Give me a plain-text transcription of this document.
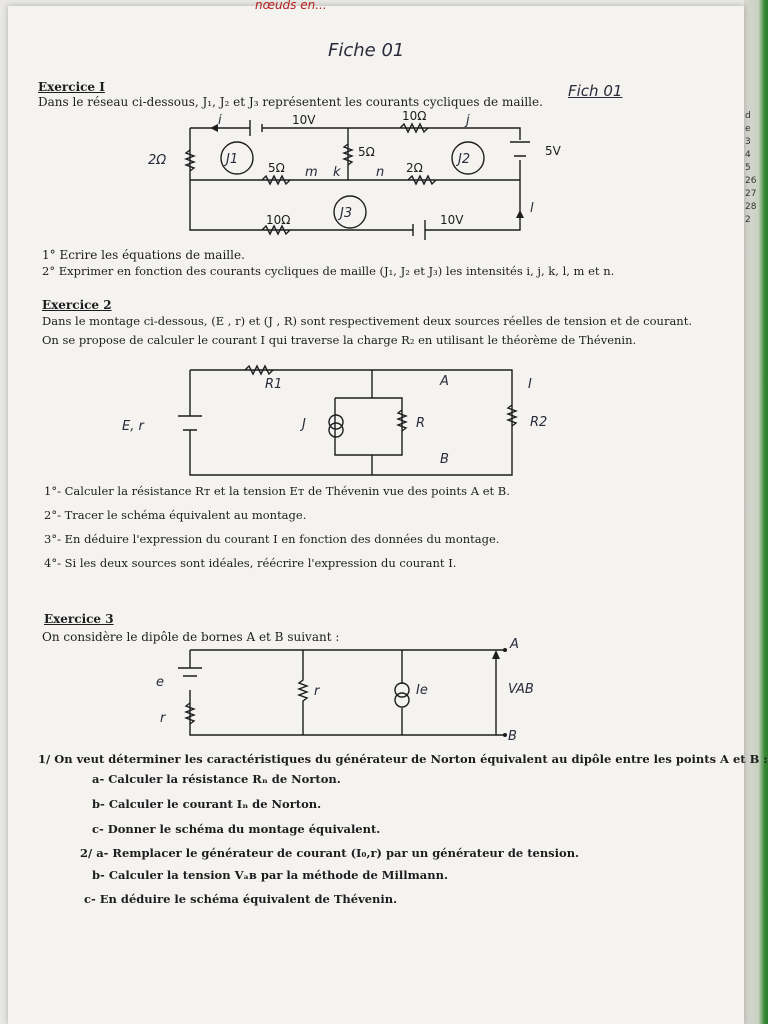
nœuds en...
Fiche 01
Fich 01
Exercice I
Dans le réseau ci-dessous, J₁, J₂ et J₃ représentent les courants cycliques de maille.
2Ω
10V	10Ω
i	j
5V
5Ω m k
5Ω
n 2Ω
10Ω	10V
l
J1	J2
J3
1° Ecrire les équations de maille.
2° Exprimer en fonction des courants cycliques de maille (J₁, J₂ et J₃) les intensités i, j, k, l, m et n.
Exercice 2
Dans le montage ci-dessous, (E , r) et (J , R) sont respectivement deux sources réelles de tension et de courant.
On se propose de calculer le courant I qui traverse la charge R₂ en utilisant le théorème de Thévenin.
R1	A	I
E, r	J	R	R2
B
1°- Calculer la résistance Rᴛ et la tension Eᴛ de Thévenin vue des points A et B.
2°- Tracer le schéma équivalent au montage.
3°- En déduire l'expression du courant I en fonction des données du montage.
4°- Si les deux sources sont idéales, réécrire l'expression du courant I.
Exercice 3
On considère le dipôle de bornes A et B suivant :
e
r
r	Ie	VAB
A
B
1/ On veut déterminer les caractéristiques du générateur de Norton équivalent au dipôle entre les points A et B :
a- Calculer la résistance Rₙ de Norton.
b- Calculer le courant Iₙ de Norton.
c- Donner le schéma du montage équivalent.
2/ a- Remplacer le générateur de courant (I₀,r) par un générateur de tension.
b- Calculer la tension Vₐʙ par la méthode de Millmann.
c- En déduire le schéma équivalent de Thévenin.
d
e
3
4
5
26
27
28
2
